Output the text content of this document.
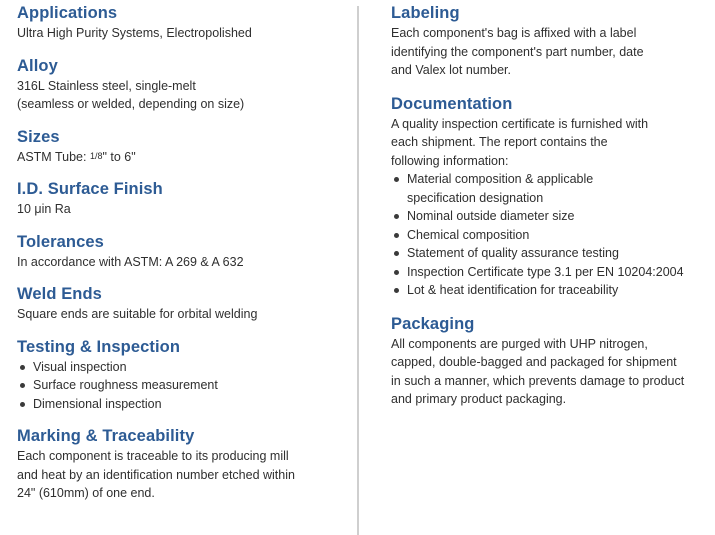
Applications

Ultra High Purity Systems, Electropolished

Alloy

316L Stainless steel, single-melt
(seamless or welded, depending on size)

Sizes

ASTM Tube: 1/8" to 6"

I.D. Surface Finish

10 μin Ra

Tolerances

In accordance with ASTM: A 269 & A 632

Weld Ends

Square ends are suitable for orbital welding

Testing & Inspection
Visual inspection
Surface roughness measurement
Dimensional inspection
Marking & Traceability

Each component is traceable to its producing mill
and heat by an identification number etched within
24" (610mm) of one end.

Labeling

Each component's bag is affixed with a label
identifying the component's part number, date
and Valex lot number.

Documentation

A quality inspection certificate is furnished with
each shipment. The report contains the
following information:

Material composition & applicable
specification designation
Nominal outside diameter size
Chemical composition
Statement of quality assurance testing
Inspection Certificate type 3.1 per EN 10204:2004
Lot & heat identification for traceability
Packaging

All components are purged with UHP nitrogen,
capped, double-bagged and packaged for shipment
in such a manner, which prevents damage to product
and primary product packaging.
